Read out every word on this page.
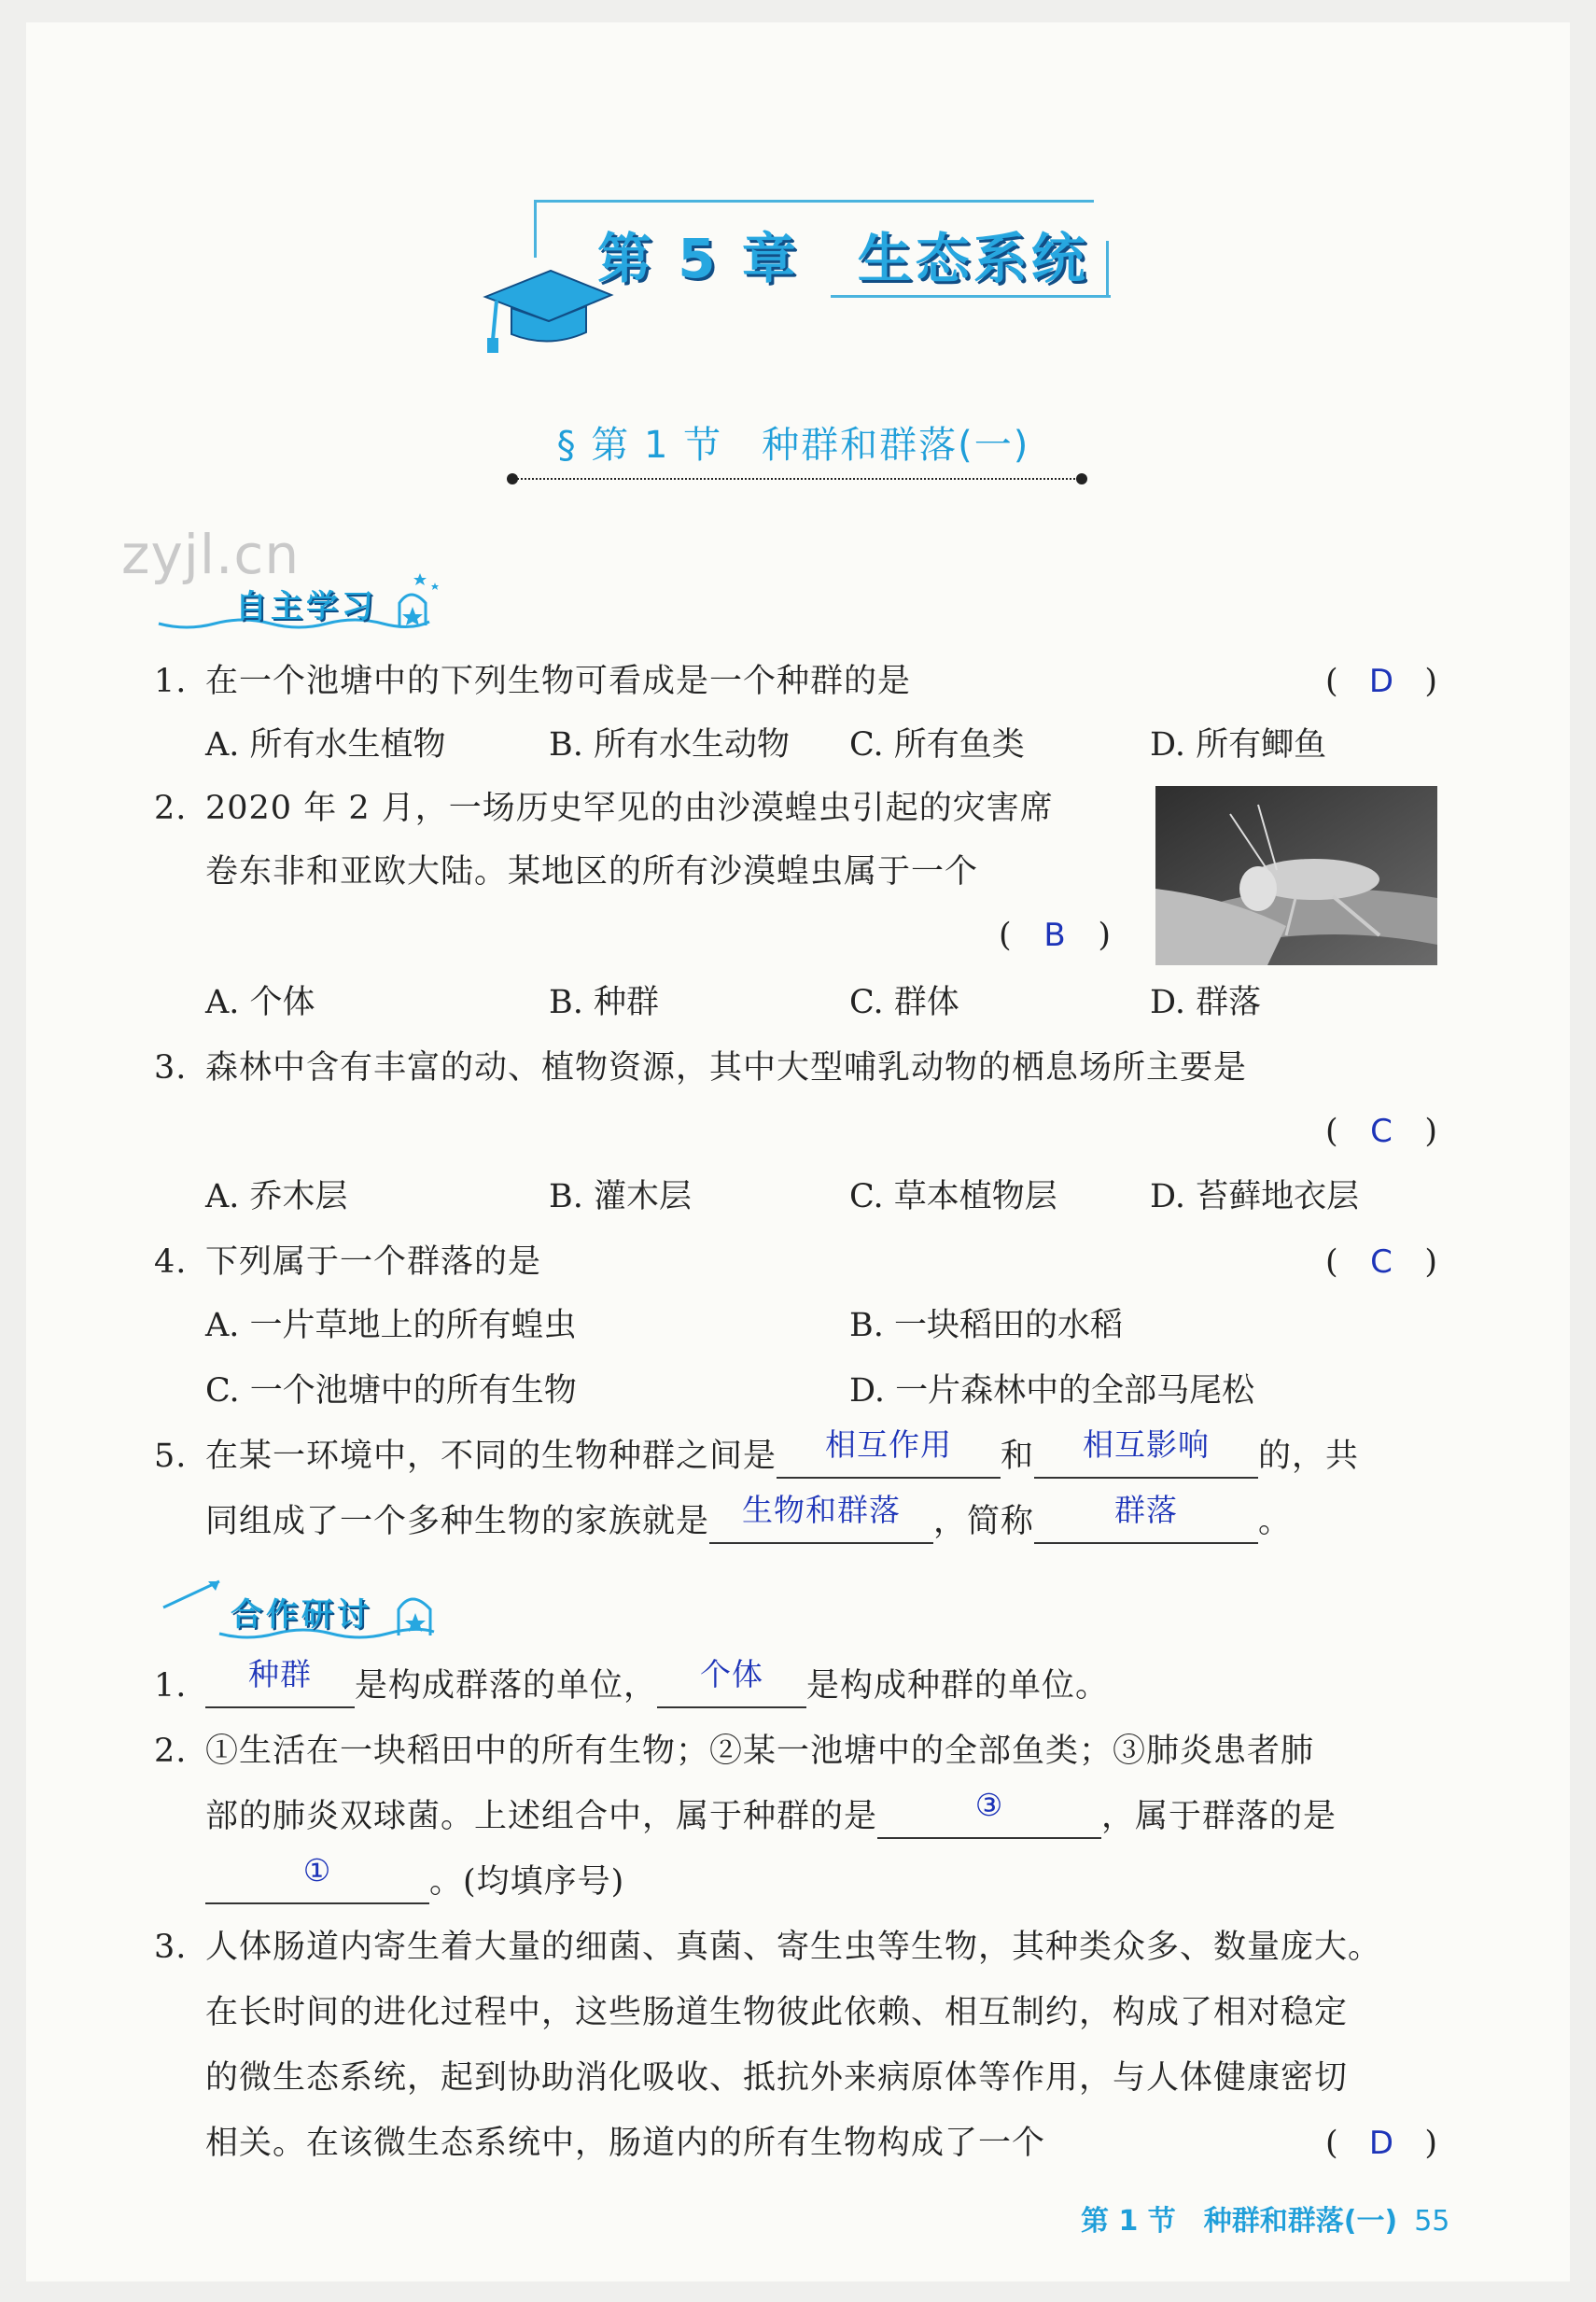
第 5 章　生态系统
§ 第 1 节　种群和群落(一)
zyjl.cn
自主学习
1. 在一个池塘中的下列生物可看成是一个种群的是	( D )
A. 所有水生植物	B. 所有水生动物 C. 所有鱼类	D. 所有鲫鱼
2. 2020 年 2 月，一场历史罕见的由沙漠蝗虫引起的灾害席
卷东非和亚欧大陆。某地区的所有沙漠蝗虫属于一个
(	B )
A. 个体	B. 种群	C. 群体	D. 群落
3. 森林中含有丰富的动、植物资源，其中大型哺乳动物的栖息场所主要是
(	C )
A. 乔木层	B. 灌木层	C. 草本植物层	D. 苔藓地衣层
4. 下列属于一个群落的是	(	C )
A. 一片草地上的所有蝗虫	B. 一块稻田的水稻
C. 一个池塘中的所有生物	D. 一片森林中的全部马尾松
5. 在某一环境中，不同的生物种群之间是	相互作用	和	相互影响	的，共
同组成了一个多种生物的家族就是	生物和群落	，简称	群落	。
合作研讨
1.	种群	是构成群落的单位，	个体	是构成种群的单位。
2. ①生活在一块稻田中的所有生物；②某一池塘中的全部鱼类；③肺炎患者肺
部的肺炎双球菌。上述组合中，属于种群的是	③	，属于群落的是
①	。(均填序号)
3. 人体肠道内寄生着大量的细菌、真菌、寄生虫等生物，其种类众多、数量庞大。
在长时间的进化过程中，这些肠道生物彼此依赖、相互制约，构成了相对稳定
的微生态系统，起到协助消化吸收、抵抗外来病原体等作用，与人体健康密切
相关。在该微生态系统中，肠道内的所有生物构成了一个	( D )
第 1 节　种群和群落(一) 55
